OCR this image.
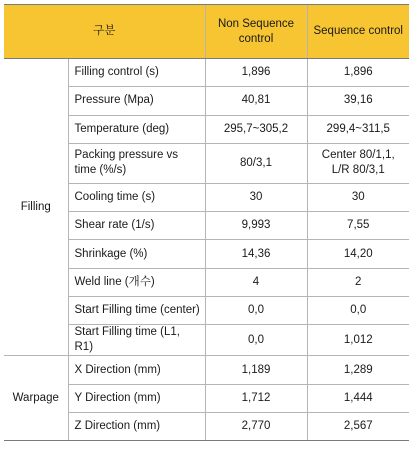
구분		Non Sequence control	Sequence control
Filling	Filling control (s)	1,896	1,896
	Pressure (Mpa)	40,81	39,16
	Temperature (deg)	295,7~305,2	299,4~311,5
	Packing pressure vs time (%/s)	80/3,1	Center 80/1,1, L/R 80/3,1
	Cooling time (s)	30	30
	Shear rate (1/s)	9,993	7,55
	Shrinkage (%)	14,36	14,20
	Weld line (개수)	4	2
	Start Filling time (center)	0,0	0,0
	Start Filling time (L1, R1)	0,0	1,012
Warpage	X Direction (mm)	1,189	1,289
	Y Direction (mm)	1,712	1,444
	Z Direction (mm)	2,770	2,567
